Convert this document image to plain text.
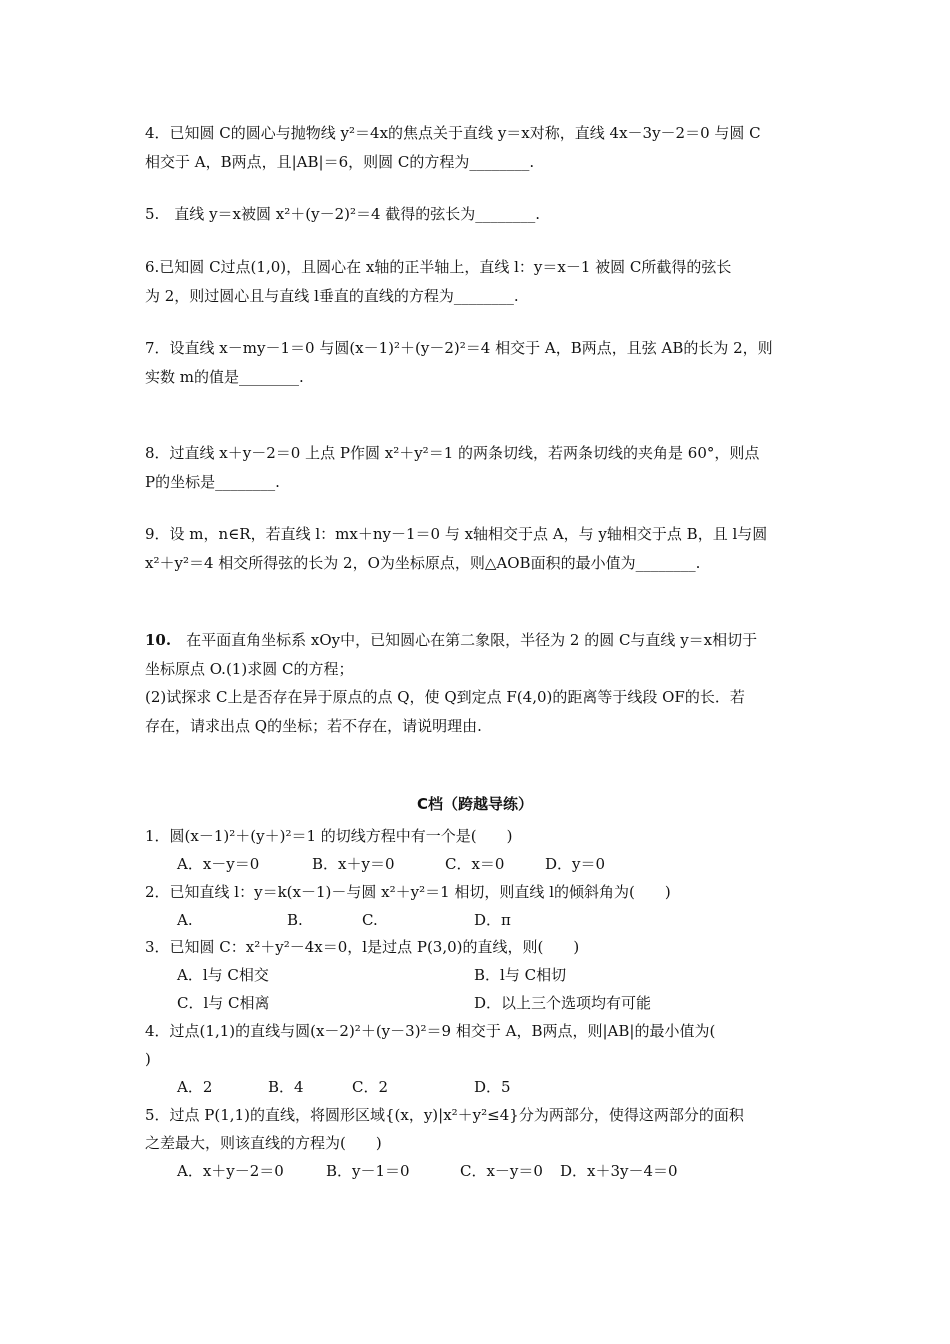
4．已知圆 C的圆心与抛物线 y²＝4x的焦点关于直线 y＝x对称，直线 4x－3y－2＝0 与圆 C
相交于 A，B两点，且|AB|＝6，则圆 C的方程为________.
5.　直线 y＝x被圆 x²＋(y－2)²＝4 截得的弦长为________.
6.已知圆 C过点(1,0)，且圆心在 x轴的正半轴上，直线 l：y＝x－1 被圆 C所截得的弦长
为 2，则过圆心且与直线 l垂直的直线的方程为________.
7．设直线 x－my－1＝0 与圆(x－1)²＋(y－2)²＝4 相交于 A，B两点，且弦 AB的长为 2，则
实数 m的值是________.
8．过直线 x＋y－2＝0 上点 P作圆 x²＋y²＝1 的两条切线，若两条切线的夹角是 60°，则点
P的坐标是________.
9．设 m，n∈R，若直线 l：mx＋ny－1＝0 与 x轴相交于点 A，与 y轴相交于点 B，且 l与圆
x²＋y²＝4 相交所得弦的长为 2，O为坐标原点，则△AOB面积的最小值为________.
10.　在平面直角坐标系 xOy中，已知圆心在第二象限，半径为 2 的圆 C与直线 y＝x相切于
坐标原点 O.(1)求圆 C的方程；
(2)试探求 C上是否存在异于原点的点 Q，使 Q到定点 F(4,0)的距离等于线段 OF的长．若
存在，请求出点 Q的坐标；若不存在，请说明理由.
C档（跨越导练）
1．圆(x－1)²＋(y＋)²＝1 的切线方程中有一个是(　　)
A．x－y＝0	B．x＋y＝0	C．x＝0	D．y＝0
2．已知直线 l：y＝k(x－1)－与圆 x²＋y²＝1 相切，则直线 l的倾斜角为(　　)
A.	B.	C.	D．π
3．已知圆 C：x²＋y²－4x＝0，l是过点 P(3,0)的直线，则(　　)
A．l与 C相交	B．l与 C相切
C．l与 C相离	D．以上三个选项均有可能
4．过点(1,1)的直线与圆(x－2)²＋(y－3)²＝9 相交于 A，B两点，则|AB|的最小值为(
)
A．2	B．4	C．2	D．5
5．过点 P(1,1)的直线，将圆形区域{(x，y)|x²＋y²≤4}分为两部分，使得这两部分的面积
之差最大，则该直线的方程为(　　)
A．x＋y－2＝0	B．y－1＝0	C．x－y＝0 D．x＋3y－4＝0
